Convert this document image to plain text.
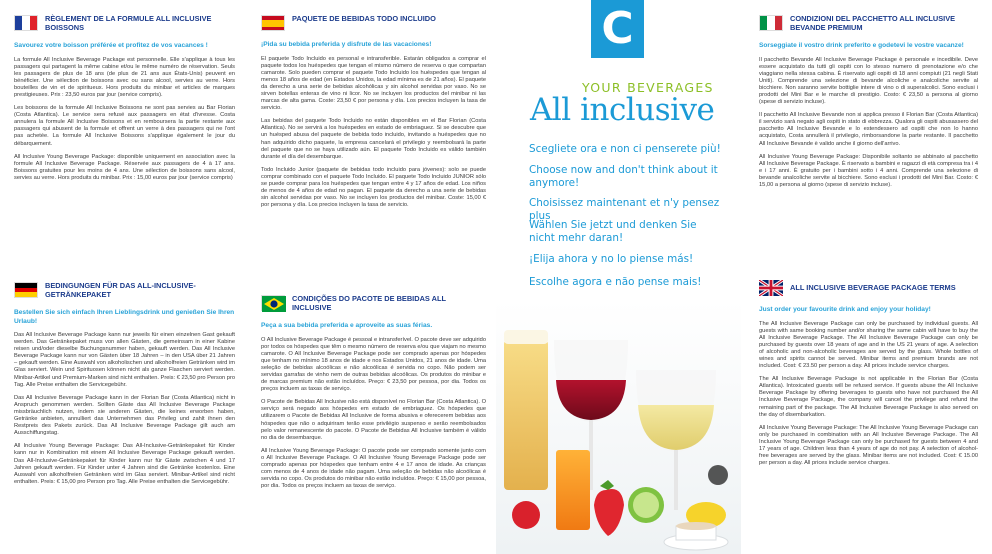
RÈGLEMENT DE LA FORMULE ALL INCLUSIVE BOISSONS
Savourez votre boisson préférée et profitez de vos vacances !
La formule All Inclusive Beverage Package est personnelle. Elle s'applique à tous les passagers qui partagent la même cabine et/ou le même numéro de réservation. Seuls les passagers de plus de 18 ans (de plus de 21 ans aux États-Unis) peuvent en bénéficier. Une sélection de boissons avec ou sans alcool, servies au verre. Hors bouteilles de vin et de spiritueux. Hors produits du minibar et articles de marques prestigieuses. Prix : 23,50 euros par jour (service compris).
Les boissons de la formule All Inclusive Boissons ne sont pas servies au Bar Florian (Costa Atlantica). Le service sera refusé aux passagers en état d'ivresse. Costa annulera la formule All Inclusive Boissons et en remboursera la partie restante aux passagers qui abusent de la formule et offrent un verre à des passagers qui ne l'ont pas achetée. La formule All Inclusive Boissons s'applique également le jour du débarquement.
All Inclusive Young Beverage Package: disponible uniquement en association avec la formule All Inclusive Beverage Package. Réservée aux passagers de 4 à 17 ans. Boissons gratuites pour les moins de 4 ans. Une sélection de boissons sans alcool, servies au verre. Hors produits du minibar. Prix : 15,00 euros par jour (service compris)
BEDINGUNGEN FÜR DAS ALL-INCLUSIVE-GETRÄNKEPAKET
Bestellen Sie sich einfach Ihren Lieblingsdrink und genießen Sie Ihren Urlaub!
Das All Inclusive Beverage Package kann nur jeweils für einen einzelnen Gast gekauft werden. Das Getränkepaket muss von allen Gästen, die gemeinsam in einer Kabine reisen und/oder dieselbe Buchungsnummer haben, gekauft werden. Das All Inclusive Beverage Package kann nur von Gästen über 18 Jahren – in den USA über 21 Jahren – gekauft werden. Eine Auswahl von alkoholischen und alkoholfreien Getränken wird im Glas serviert. Wein und Spirituosen können nicht als ganze Flaschen serviert werden. Minibar-Artikel und Premium-Marken sind nicht enthalten. Preis: € 23,50 pro Person pro Tag. Alle Preise enthalten die Servicegebühr.
Das All Inclusive Beverage Package kann in der Florian Bar (Costa Atlantica) nicht in Anspruch genommen werden. Sollten Gäste das All Inclusive Beverage Package missbräuchlich nutzen, indem sie anderen Gästen, die keines erworben haben, Getränke anbieten, annulliert das Unternehmen das Privileg und zahlt ihnen den Restpreis des Pakets zurück. Das All Inclusive Beverage Package gilt auch am Ausschiffungstag.
All Inclusive Young Beverage Package: Das All-Inclusive-Getränkepaket für Kinder kann nur in Kombination mit einem All Inclusive Beverage Package gekauft werden. Das All-Inclusive-Getränkepaket für Kinder kann nur für Gäste zwischen 4 und 17 Jahren gekauft werden. Für Kinder unter 4 Jahren sind die Getränke kostenlos. Eine Auswahl von alkoholfreien Getränken wird im Glas serviert. Minibar-Artikel sind nicht enthalten. Preis: € 15,00 pro Person pro Tag. Alle Preise enthalten die Servicegebühr.
PAQUETE DE BEBIDAS TODO INCLUIDO
¡Pida su bebida preferida y disfrute de las vacaciones!
El paquete Todo Incluido es personal e intransferible. Estarán obligados a comprar el paquete todos los huéspedes que tengan el mismo número de reserva o que compartan camarote. Solo pueden comprar el paquete Todo Incluido los huéspedes que tengan al menos 18 años de edad (en Estados Unidos, la edad mínima es de 21 años). El paquete da derecho a una serie de bebidas alcohólicas y sin alcohol servidas por vaso. No se sirven botellas enteras de vino ni licor. No se incluyen los productos del minibar ni las marcas de alta gama. Coste: 23,50 € por persona y día. Los precios incluyen la tasa de servicio.
Las bebidas del paquete Todo Incluido no están disponibles en el Bar Florian (Costa Atlantica). No se servirá a los huéspedes en estado de embriaguez. Si se descubre que un huésped abusa del paquete de bebida todo incluido, invitando a huéspedes que no han adquirido dicho paquete, la empresa cancelará el privilegio y reembolsará la parte del paquete que no se haya utilizado aún. El paquete Todo Incluido es válido también durante el día del desembarque.
Todo Incluido Junior (paquete de bebidas todo incluido para jóvenes): solo se puede comprar combinado con el paquete Todo Incluido. El paquete Todo Incluido JUNIOR sólo se puede comprar para los huéspedes que tengan entre 4 y 17 años de edad. Los niños de menos de 4 años de edad no pagan. El paquete da derecho a una serie de bebidas sin alcohol servidas por vaso. No se incluyen los productos del minibar. Coste: 15,00 € por persona y día. Los precios incluyen la tasa de servicio.
CONDIÇÕES DO PACOTE DE BEBIDAS ALL INCLUSIVE
Peça a sua bebida preferida e aproveite as suas férias.
O All Inclusive Beverage Package é pessoal e intransferível. O pacote deve ser adquirido por todos os hóspedes que têm o mesmo número de reserva e/ou que viajam no mesmo camarote. O All Inclusive Beverage Package pode ser comprado apenas por hóspedes que tenham no mínimo 18 anos de idade e nos Estados Unidos, 21 anos de idade. Uma seleção de bebidas alcoólicas e não alcoólicas é servida no copo. Não podem ser servidas garrafas de vinho nem de outras bebidas alcoólicas. Os produtos do minibar e de marcas premium não estão incluídos. Preço: € 23,50 por pessoa, por dia. Todos os preços incluem as taxas de serviço.
O Pacote de Bebidas All Inclusive não está disponível no Florian Bar (Costa Atlantica). O serviço será negado aos hóspedes em estado de embriaguez. Os hóspedes que utilizarem o Pacote de Bebidas All Inclusive de forma abusiva e oferecerem bebidas aos hóspedes que não o adquiriram terão esse privilégio suspenso e serão reembolsados pelo valor remanescente do pacote. O Pacote de Bebidas All Inclusive também é válido no dia de desembarque.
All Inclusive Young Beverage Package: O pacote pode ser comprado somente junto com o All Inclusive Beverage Package. O All Inclusive Young Beverage Package pode ser comprado apenas por hóspedes que tenham entre 4 e 17 anos de idade. As crianças com menos de 4 anos de idade não pagam. Uma seleção de bebidas não alcoólicas é servida no copo. Os produtos do minibar não estão incluídos. Preço: € 15,00 por pessoa, por dia. Todos os preços incluem as taxas de serviço.
C
YOUR BEVERAGES
All inclusive
Scegliete ora e non ci penserete più!
Choose now and don't think about it anymore!
Choisissez maintenant et n'y pensez plus
Wählen Sie jetzt und denken Sie nicht mehr daran!
¡Elija ahora y no lo piense más!
Escolhe agora e não pense mais!
CONDIZIONI DEL PACCHETTO ALL INCLUSIVE BEVANDE PREMIUM
Sorseggiate il vostro drink preferito e godetevi le vostre vacanze!
Il pacchetto Bevande All Inclusive Beverage Package è personale e incedibile. Deve essere acquistato da tutti gli ospiti con lo stesso numero di prenotazione e/o che viaggiano nella stessa cabina. È riservato agli ospiti di 18 anni compiuti (21 negli Stati Uniti). Comprende una selezione di bevande alcoliche e analcoliche servite al bicchiere. Non saranno servite bottiglie intere di vino o di superalcolici. Sono esclusi i prodotti del Mini Bar e le marche di prestigio. Costo: € 23,50 a persona al giorno (spese di servizio incluse).
Il pacchetto All Inclusive Bevande non si applica presso il Florian Bar (Costa Atlantica) il servizio sarà negato agli ospiti in stato di ebbrezza. Qualora gli ospiti abusassero del pacchetto All Inclusive Bevande e lo estendessero ad ospiti che non lo hanno acquistato, Costa annullerà il privilegio, rimborsandone la parte restante. Il pacchetto All Inclusive Bevande è valido anche il giorno dell'arrivo.
All Inclusive Young Beverage Package: Disponibile soltanto se abbinato al pacchetto All Inclusive Beverage Package. È riservato a bambini e ragazzi di età compresa tra i 4 e i 17 anni. È gratuito per i bambini sotto i 4 anni. Comprende una selezione di bevande analcoliche servite al bicchiere. Sono esclusi i prodotti del Mini Bar. Costo: € 15,00 a persona al giorno (spese di servizio incluse).
ALL INCLUSIVE BEVERAGE PACKAGE TERMS
Just order your favourite drink and enjoy your holiday!
The All Inclusive Beverage Package can only be purchased by individual guests. All guests with same booking number and/or sharing the same cabin will have to buy the All Inclusive Beverage Package. The All Inclusive Beverage Package can only be purchased by guests over 18 years of age and in the US 21 years of age. A selection of alcoholic and non-alcoholic beverages are served by the glass. Whole bottles of wines and spirits cannot be served. Minibar items and premium brands are not included. Cost: € 23.50 per person a day. All prices include service charges.
The All Inclusive Beverage Package is not applicable in the Florian Bar (Costa Atlantica). Intoxicated guests will be refused service. If guests abuse the All Inclusive Beverage Package by offering beverages to guests who have not purchased the All Inclusive Beverage Package, the company will cancel the privilege and refund the remaining part of the package. The All Inclusive Beverage Package is also served on the day of disembarkation.
All Inclusive Young Beverage Package: The All Inclusive Young Beverage Package can only be purchased in combination with an All Inclusive Beverage Package. The All Inclusive Young Beverage Package can only be purchased for guests between 4 and 17 years of age. Children less than 4 years of age do not pay. A selection of alcohol-free beverages are served by the glass. Minibar items are not included. Cost: € 15.00 per person a day. All prices include service charges.
